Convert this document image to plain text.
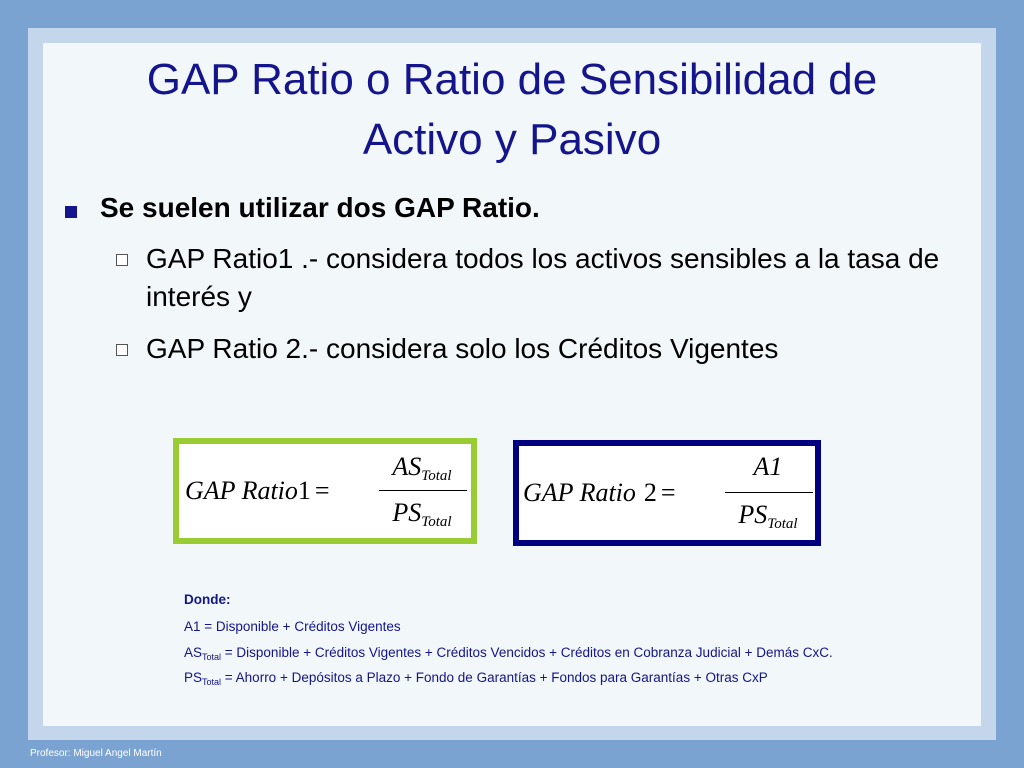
GAP Ratio o Ratio de Sensibilidad de
Activo y Pasivo
Se suelen utilizar dos GAP Ratio.
GAP Ratio1 .- considera todos los activos sensibles a la tasa de interés y
GAP Ratio 2.- considera solo los Créditos Vigentes
GAP Ratio1 =
$AS_{Total}$
$PS_{Total}$
GAP Ratio 2 =
A1
$PS_{Total}$
Donde:
A1 = Disponible + Créditos Vigentes
$AS_{Total}$ = Disponible + Créditos Vigentes + Créditos Vencidos + Créditos en Cobranza Judicial + Demás CxC.
$PS_{Total}$ = Ahorro + Depósitos a Plazo + Fondo de Garantías + Fondos para Garantías + Otras CxP
Profesor: Miguel Angel Martín
